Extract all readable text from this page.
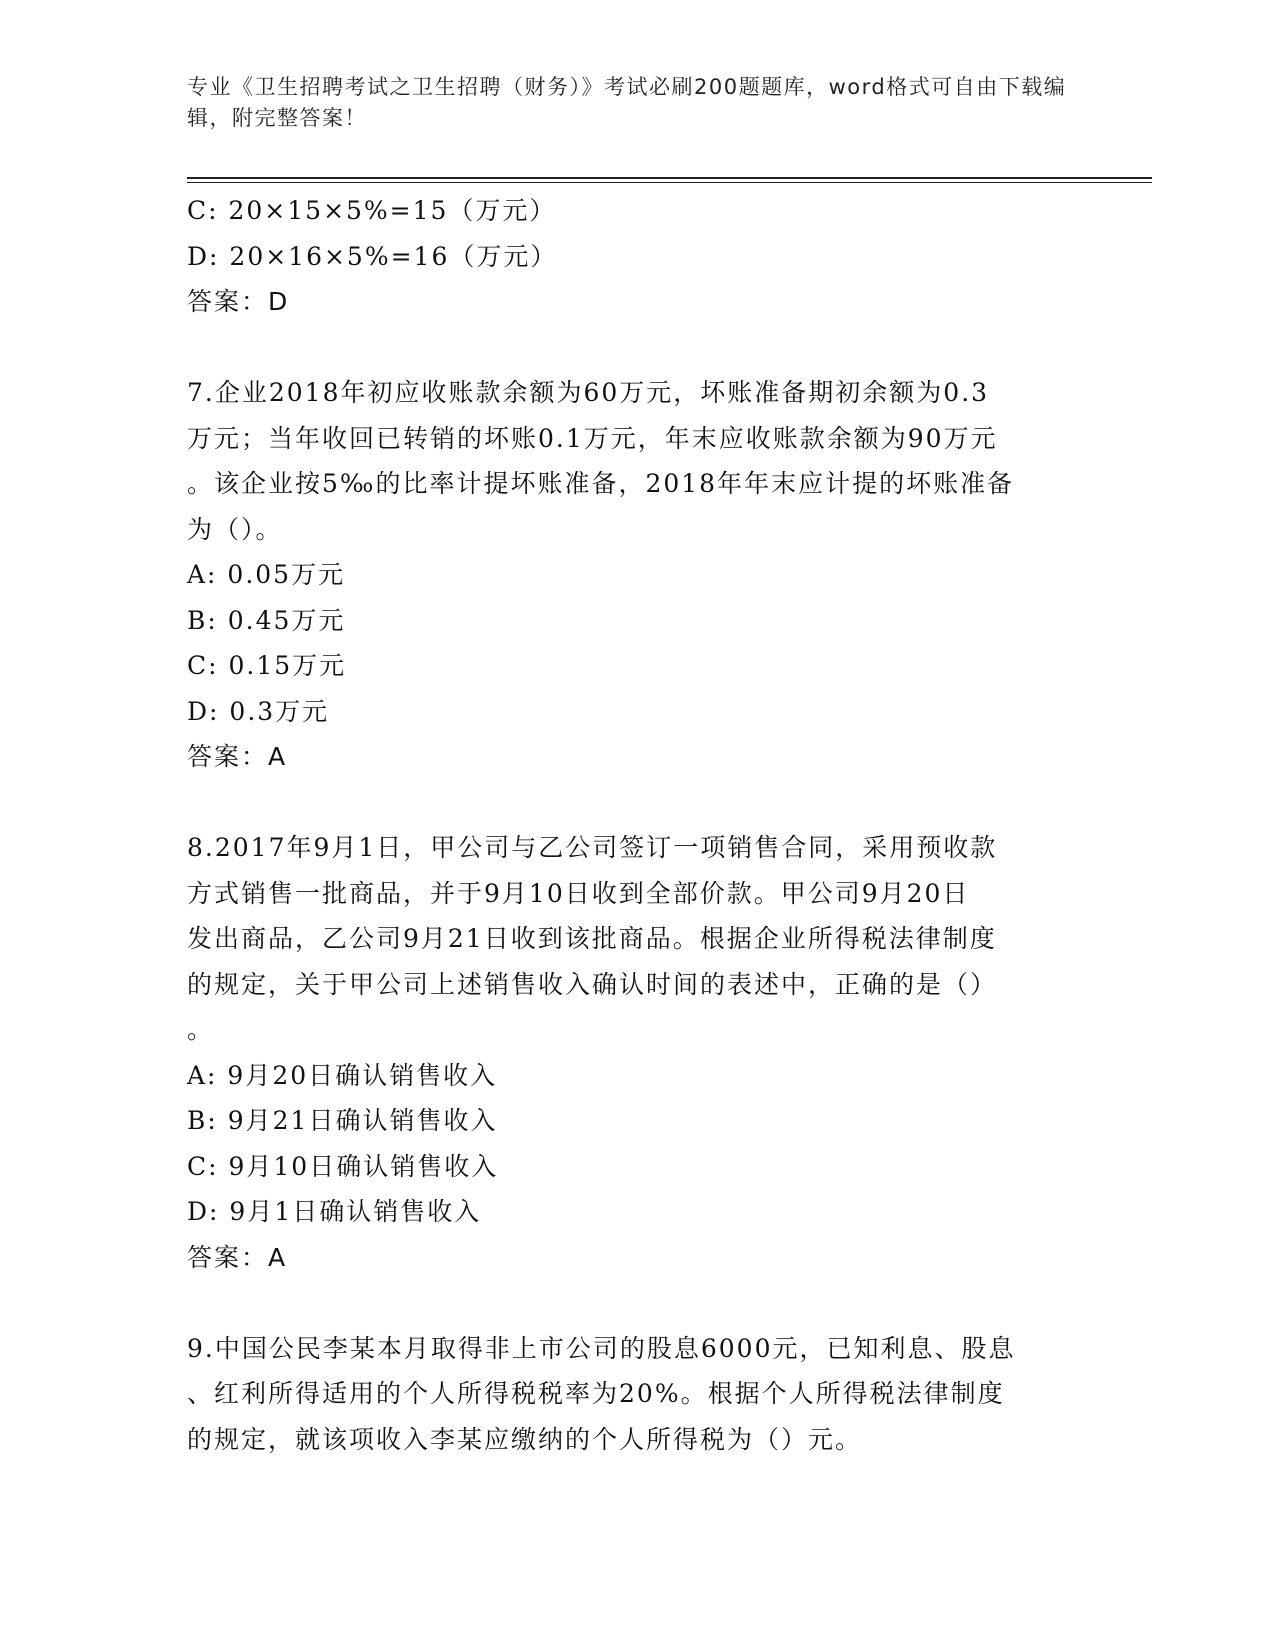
专业《卫生招聘考试之卫生招聘（财务）》考试必刷200题题库，word格式可自由下载编辑，附完整答案！

C: 20×15×5%=15（万元）

D: 20×16×5%=16（万元）

答案：D

7.企业2018年初应收账款余额为60万元，坏账准备期初余额为0.3

万元；当年收回已转销的坏账0.1万元，年末应收账款余额为90万元

。该企业按5‰的比率计提坏账准备，2018年年末应计提的坏账准备

为（）。

A: 0.05万元

B: 0.45万元

C: 0.15万元

D: 0.3万元

答案：A

8.2017年9月1日，甲公司与乙公司签订一项销售合同，采用预收款

方式销售一批商品，并于9月10日收到全部价款。甲公司9月20日

发出商品，乙公司9月21日收到该批商品。根据企业所得税法律制度

的规定，关于甲公司上述销售收入确认时间的表述中，正确的是（）

。

A: 9月20日确认销售收入

B: 9月21日确认销售收入

C: 9月10日确认销售收入

D: 9月1日确认销售收入

答案：A

9.中国公民李某本月取得非上市公司的股息6000元，已知利息、股息

、红利所得适用的个人所得税税率为20%。根据个人所得税法律制度

的规定，就该项收入李某应缴纳的个人所得税为（）元。
